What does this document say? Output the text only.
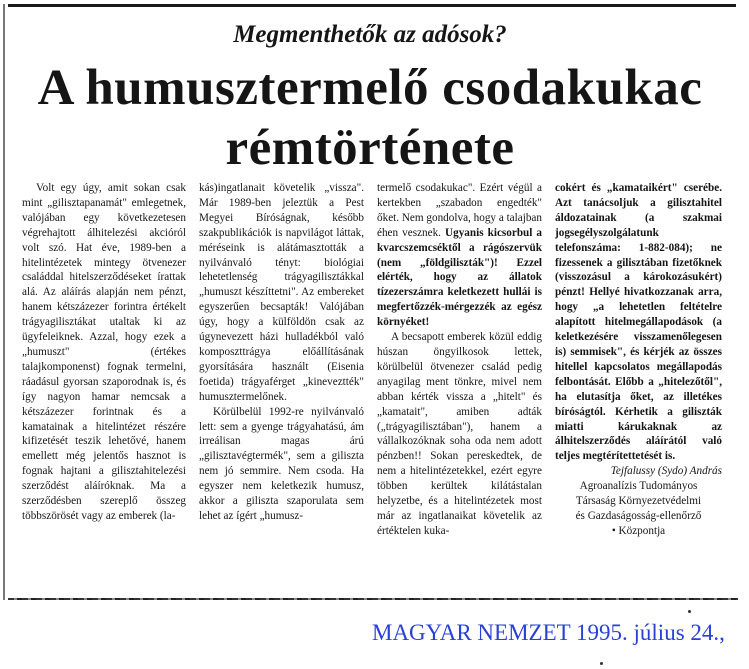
Megmenthetők az adósok?
A humusztermelő csodakukac
rémtörténete

Volt egy úgy, amit sokan csak mint „gilisztapanamát" emlegetnek, valójában egy következetesen végrehajtott álhitelezési akcióról volt szó. Hat éve, 1989-ben a hitelintézetek mintegy ötvenezer családdal hitelszerződéseket írattak alá. Az aláírás alapján nem pénzt, hanem kétszázezer forintra értékelt trágyagilisztákat utaltak ki az ügyfeleiknek. Azzal, hogy ezek a „humuszt" (értékes talajkomponenst) fognak termelni, ráadásul gyorsan szaporodnak is, és így nagyon hamar nemcsak a kétszázezer forintnak és a kamatainak a hitelintézet részére kifizetését teszik lehetővé, hanem emellett még jelentős hasznot is fognak hajtani a gilisztahitelezési szerződést aláíróknak. Ma a szerződésben szereplő összeg többszörösét vagy az emberek (la-

kás)ingatlanait követelik „vissza". Már 1989-ben jeleztük a Pest Megyei Bíróságnak, később szakpublikációk is napvilágot láttak, méréseink is alátámasztották a nyilvánvaló tényt: biológiai lehetetlenség trágyagilisztákkal „humuszt készíttetni". Az embereket egyszerűen becsapták! Valójában úgy, hogy a külföldön csak az úgynevezett házi hulladékból való komposzttrágya előállításának gyorsítására használt (Eisenia foetida) trágyaférget „kineveztték" humusztermelőnek.

Körülbelül 1992-re nyilvánvaló lett: sem a gyenge trágyahatású, ám irreálisan magas árú „gilisztavégtermék", sem a giliszta nem jó semmire. Nem csoda. Ha egyszer nem keletkezik humusz, akkor a giliszta szaporulata sem lehet az ígért „humusz-

termelő csodakukac". Ezért végül a kertekben „szabadon engedték" őket. Nem gondolva, hogy a talajban éhen vesznek. Ugyanis kicsorbul a kvarcszemcséktől a rágószervük (nem „földgiliszták")! Ezzel elérték, hogy az állatok tízezerszámra keletkezett hullái is megfertőzzék-mérgezzék az egész környéket!

A becsapott emberek közül eddig húszan öngyilkosok lettek, körülbelül ötvenezer család pedig anyagilag ment tönkre, mivel nem abban kérték vissza a „hitelt" és „kamatait", amiben adták („trágyagilisztában"), hanem a vállalkozóknak soha oda nem adott pénzben!! Sokan pereskedtek, de nem a hitelintézetekkel, ezért egyre többen kerültek kilátástalan helyzetbe, és a hitelintézetek most már az ingatlanaikat követelik az értéktelen kuka-

cokért és „kamataikért" cserébe. Azt tanácsoljuk a gilisztahitel áldozatainak (a szakmai jogsegélyszolgálatunk telefonszáma: 1-882-084); ne fizessenek a gilisztában fizetőknek (visszozásul a károkozásukért) pénzt! Hellyé hivatkozzanak arra, hogy „a lehetetlen feltételre alapított hitelmegállapodások (a keletkezésére visszamenőlegesen is) semmisek", és kérjék az összes hitellel kapcsolatos megállapodás felbontását. Előbb a „hitelezőtől", ha elutasítja őket, az illetékes bíróságtól. Kérhetik a giliszták miatti kárukaknak az álhitelszerződés aláírától való teljes megtérítettetését is.

Tejfalussy (Sydo) András

Agroanalízis Tudományos
Társaság Környezetvédelmi
és Gazdaságosság-ellenőrző
• Központja
MAGYAR NEMZET 1995. július 24.,
